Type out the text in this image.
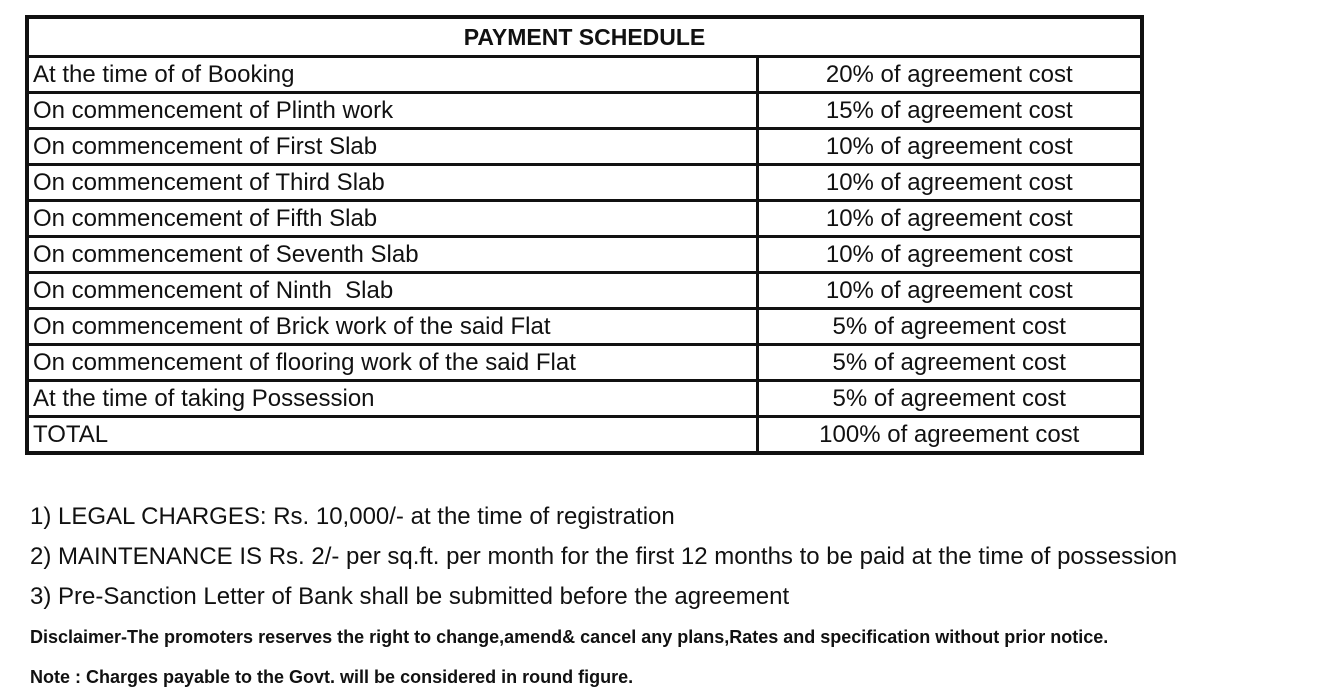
PAYMENT SCHEDULE	
At the time of of Booking	20% of agreement cost
On commencement of Plinth work	15% of agreement cost
On commencement of First Slab	10% of agreement cost
On commencement of Third Slab	10% of agreement cost
On commencement of Fifth Slab	10% of agreement cost
On commencement of Seventh Slab	10% of agreement cost
On commencement of Ninth  Slab	10% of agreement cost
On commencement of Brick work of the said Flat	5% of agreement cost
On commencement of flooring work of the said Flat	5% of agreement cost
At the time of taking Possession	5% of agreement cost
TOTAL	100% of agreement cost
1) LEGAL CHARGES: Rs. 10,000/- at the time of registration
2) MAINTENANCE IS Rs. 2/- per sq.ft. per month for the first 12 months to be paid at the time of possession
3) Pre-Sanction Letter of Bank shall be submitted before the agreement
Disclaimer-The promoters reserves the right to change,amend& cancel any plans,Rates and specification without prior notice.
Note : Charges payable to the Govt. will be considered in round figure.
